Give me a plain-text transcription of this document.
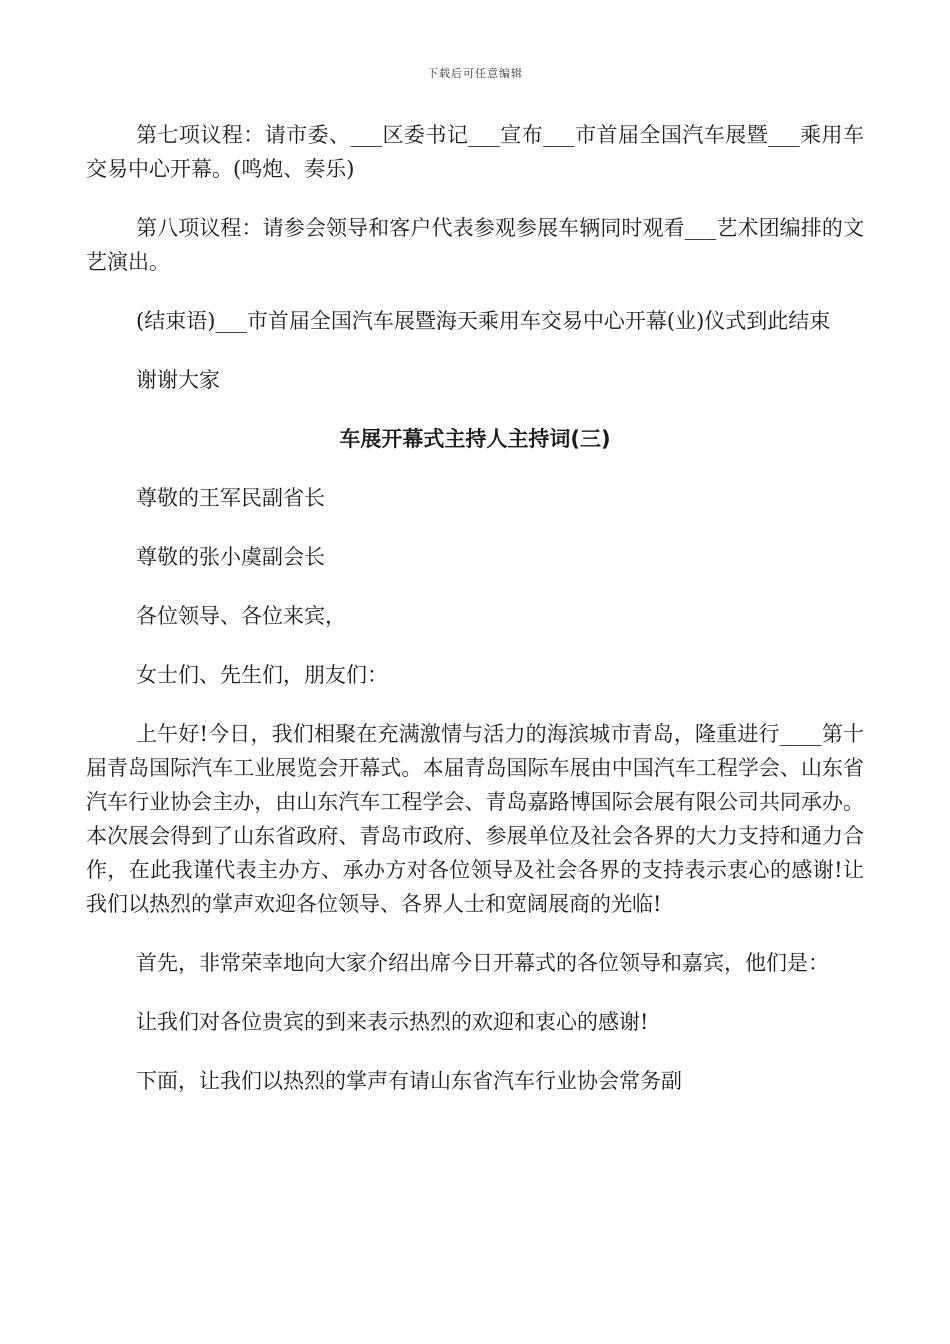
下载后可任意编辑

第七项议程：请市委、___区委书记___宣布___市首届全国汽车展暨___乘用车交易中心开幕。(鸣炮、奏乐)

第八项议程：请参会领导和客户代表参观参展车辆同时观看___艺术团编排的文艺演出。

(结束语)___市首届全国汽车展暨海天乘用车交易中心开幕(业)仪式到此结束

谢谢大家

车展开幕式主持人主持词(三)

尊敬的王军民副省长

尊敬的张小虞副会长

各位领导、各位来宾，

女士们、先生们，朋友们：

上午好!今日，我们相聚在充满激情与活力的海滨城市青岛，隆重进行____第十届青岛国际汽车工业展览会开幕式。本届青岛国际车展由中国汽车工程学会、山东省汽车行业协会主办，由山东汽车工程学会、青岛嘉路博国际会展有限公司共同承办。本次展会得到了山东省政府、青岛市政府、参展单位及社会各界的大力支持和通力合作，在此我谨代表主办方、承办方对各位领导及社会各界的支持表示衷心的感谢!让我们以热烈的掌声欢迎各位领导、各界人士和宽阔展商的光临!

首先，非常荣幸地向大家介绍出席今日开幕式的各位领导和嘉宾，他们是：

让我们对各位贵宾的到来表示热烈的欢迎和衷心的感谢!

下面，让我们以热烈的掌声有请山东省汽车行业协会常务副
